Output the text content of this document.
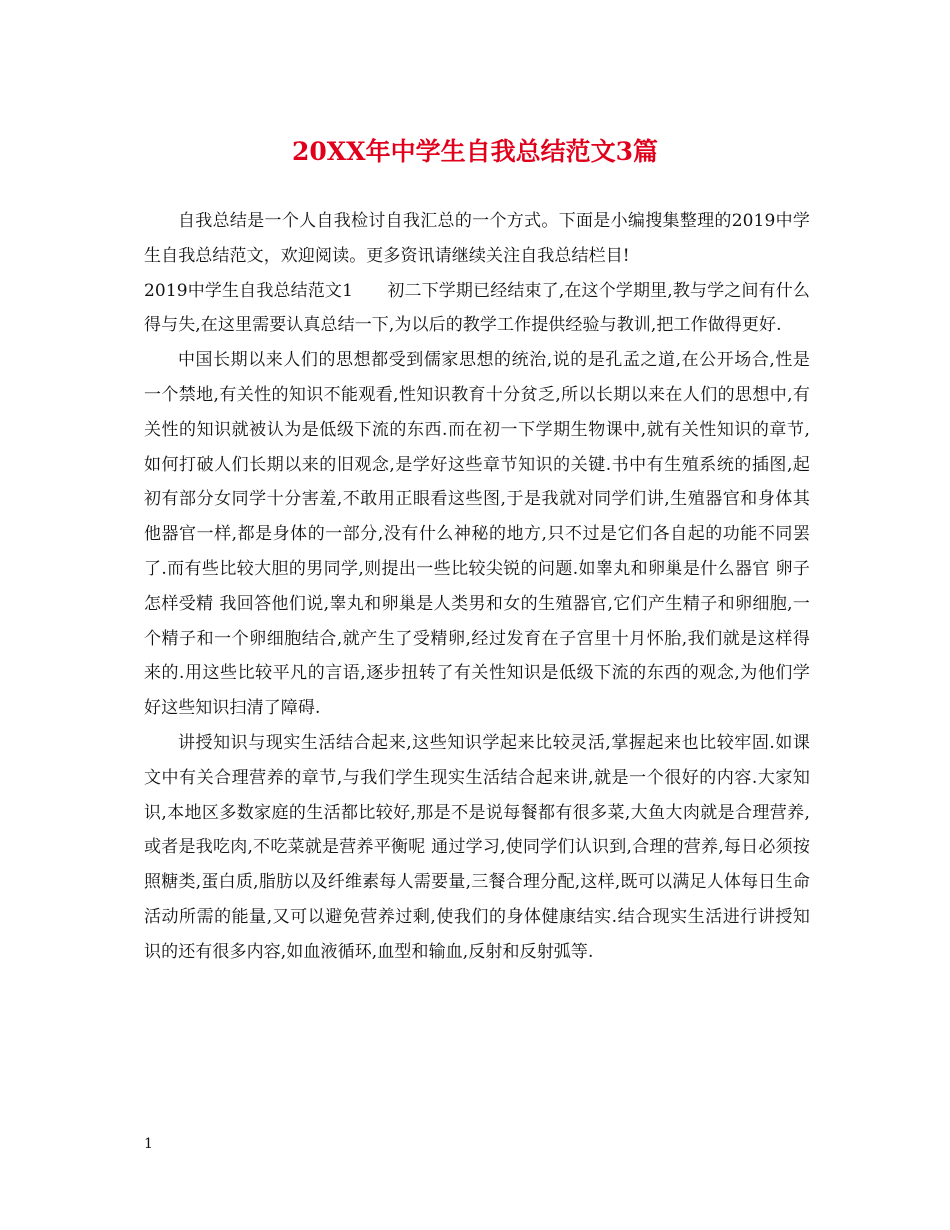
20XX年中学生自我总结范文3篇

自我总结是一个人自我检讨自我汇总的一个方式。下面是小编搜集整理的2019中学生自我总结范文，欢迎阅读。更多资讯请继续关注自我总结栏目!

2019中学生自我总结范文1　　初二下学期已经结束了,在这个学期里,教与学之间有什么得与失,在这里需要认真总结一下,为以后的教学工作提供经验与教训,把工作做得更好.

中国长期以来人们的思想都受到儒家思想的统治,说的是孔孟之道,在公开场合,性是一个禁地,有关性的知识不能观看,性知识教育十分贫乏,所以长期以来在人们的思想中,有关性的知识就被认为是低级下流的东西.而在初一下学期生物课中,就有关性知识的章节,如何打破人们长期以来的旧观念,是学好这些章节知识的关键.书中有生殖系统的插图,起初有部分女同学十分害羞,不敢用正眼看这些图,于是我就对同学们讲,生殖器官和身体其他器官一样,都是身体的一部分,没有什么神秘的地方,只不过是它们各自起的功能不同罢了.而有些比较大胆的男同学,则提出一些比较尖锐的问题.如睾丸和卵巢是什么器官 卵子怎样受精 我回答他们说,睾丸和卵巢是人类男和女的生殖器官,它们产生精子和卵细胞,一个精子和一个卵细胞结合,就产生了受精卵,经过发育在子宫里十月怀胎,我们就是这样得来的.用这些比较平凡的言语,逐步扭转了有关性知识是低级下流的东西的观念,为他们学好这些知识扫清了障碍.

讲授知识与现实生活结合起来,这些知识学起来比较灵活,掌握起来也比较牢固.如课文中有关合理营养的章节,与我们学生现实生活结合起来讲,就是一个很好的内容.大家知识,本地区多数家庭的生活都比较好,那是不是说每餐都有很多菜,大鱼大肉就是合理营养,或者是我吃肉,不吃菜就是营养平衡呢 通过学习,使同学们认识到,合理的营养,每日必须按照糖类,蛋白质,脂肪以及纤维素每人需要量,三餐合理分配,这样,既可以满足人体每日生命活动所需的能量,又可以避免营养过剩,使我们的身体健康结实.结合现实生活进行讲授知识的还有很多内容,如血液循环,血型和输血,反射和反射弧等.

1
